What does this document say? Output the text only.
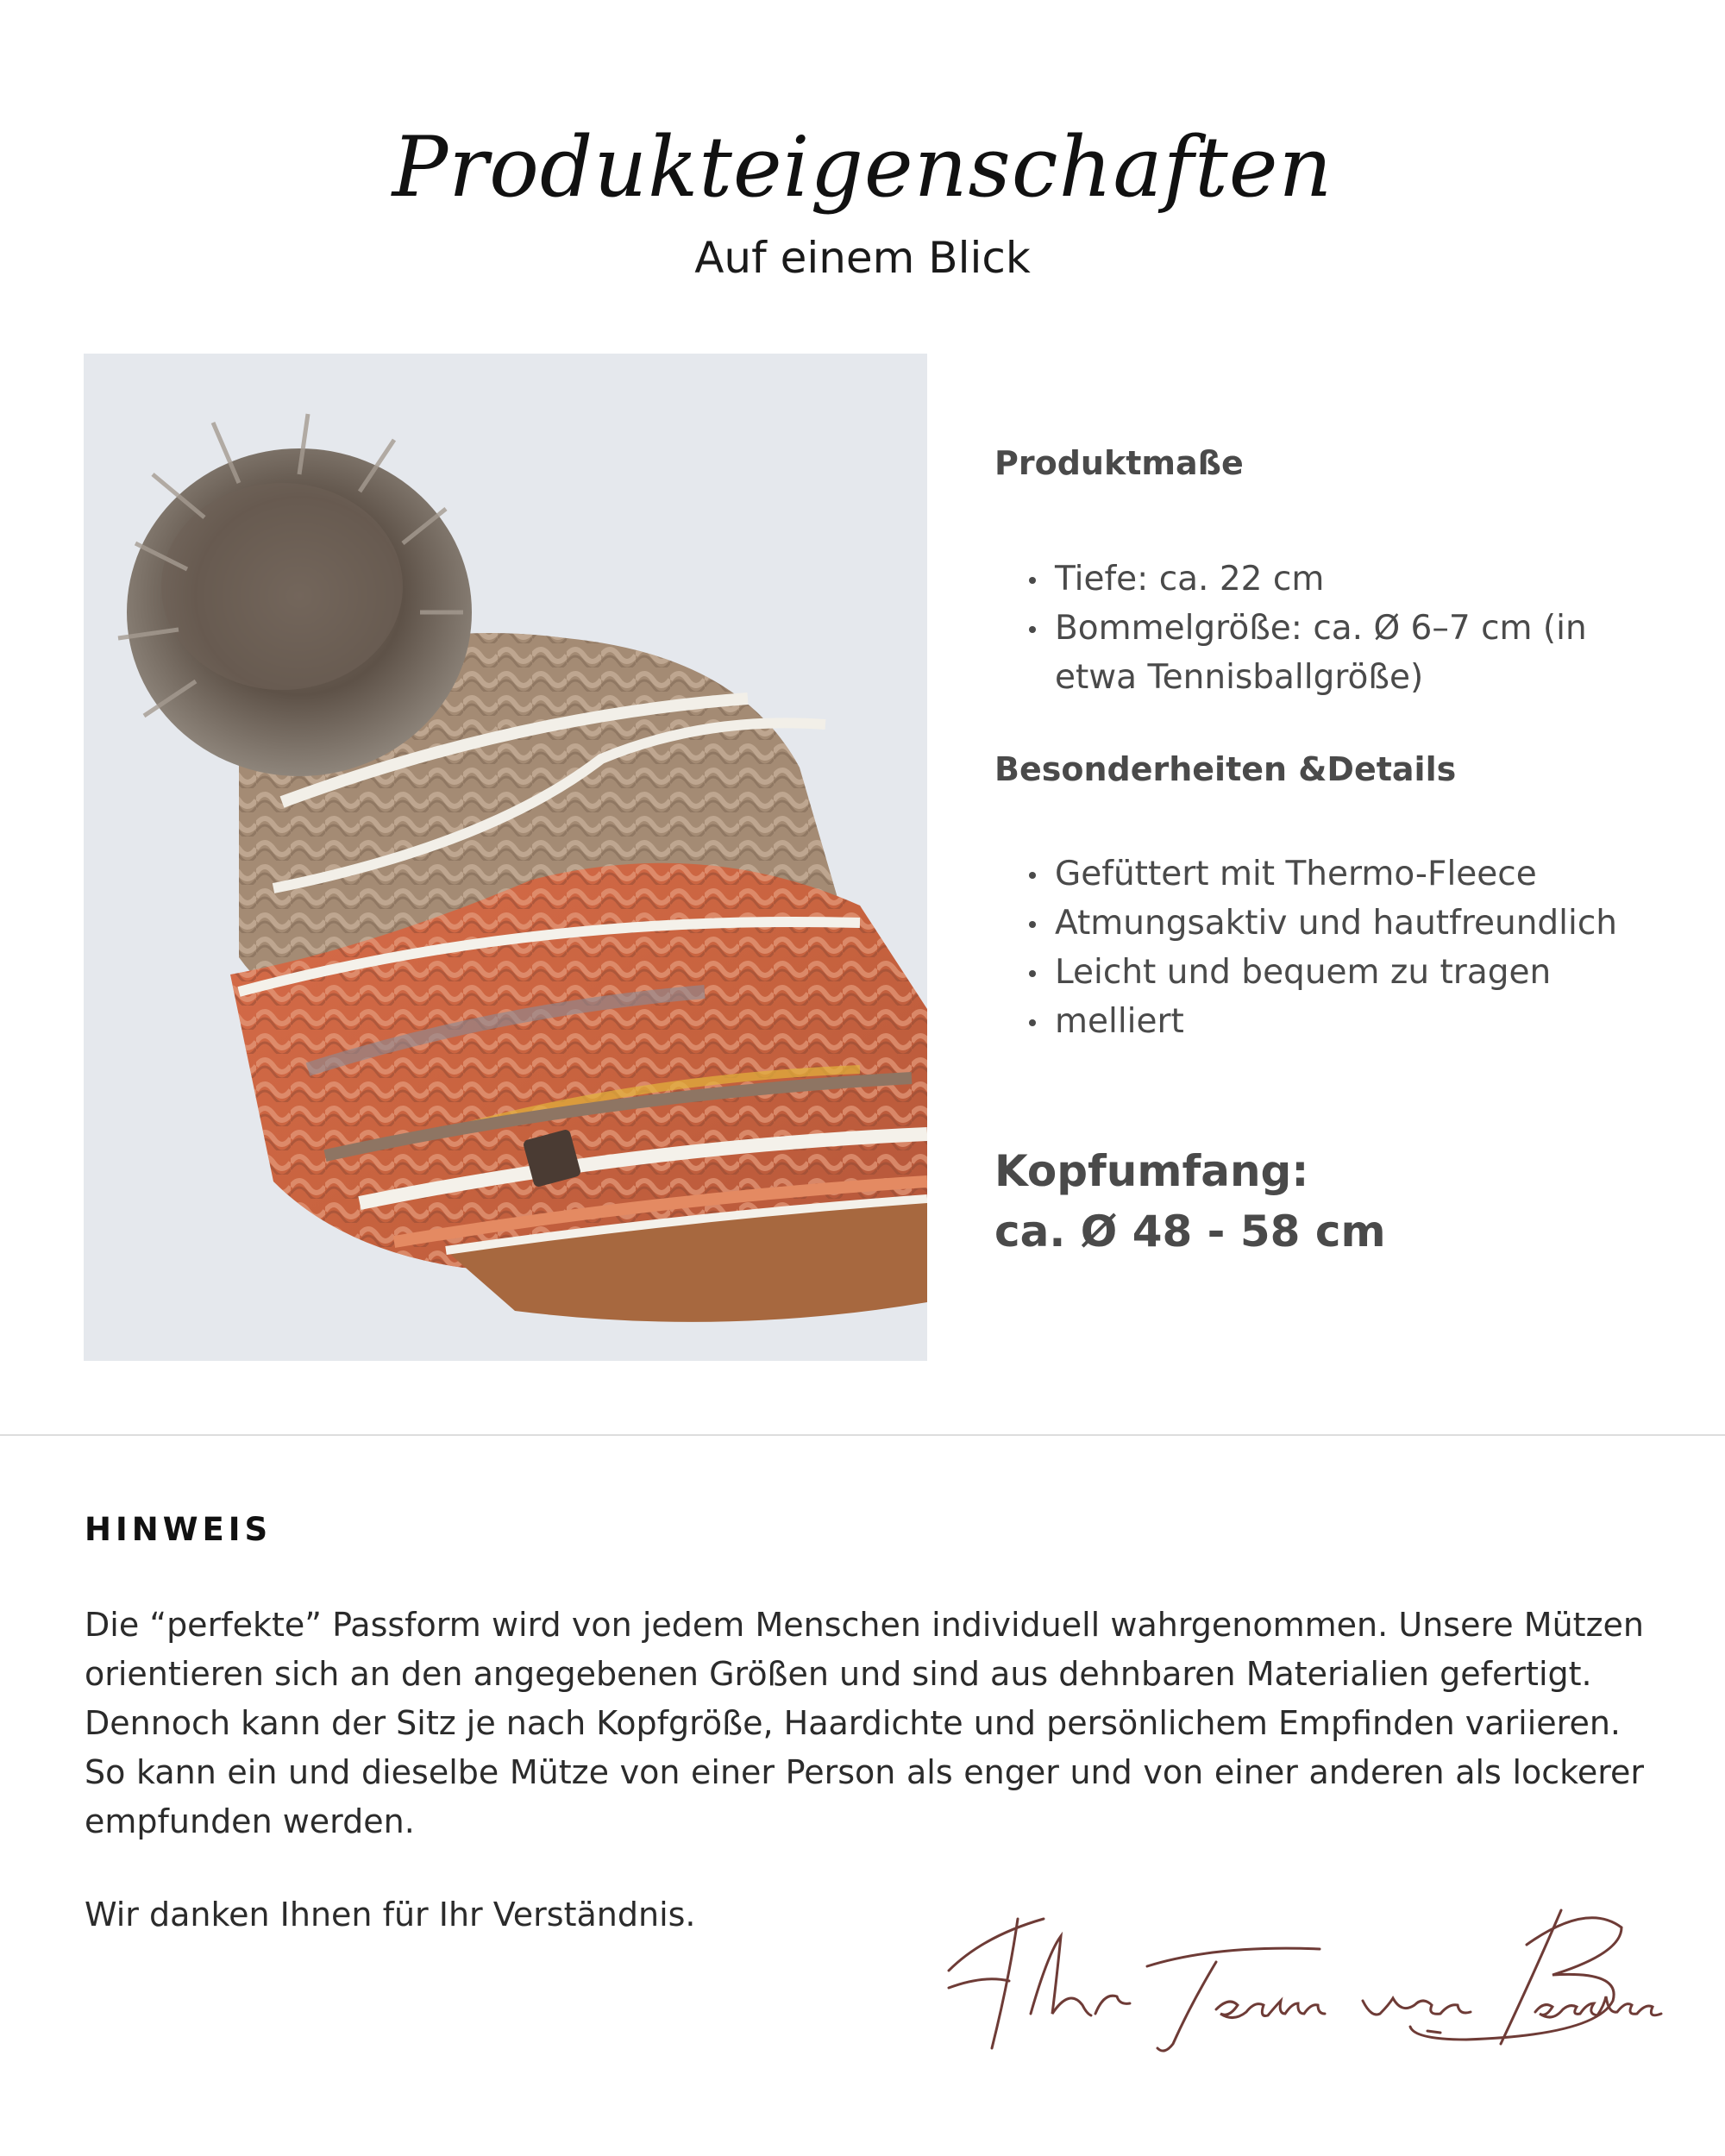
Produkteigenschaften
Auf einem Blick
Produktmaße
Tiefe: ca. 22 cm
Bommelgröße: ca. Ø 6–7 cm (in etwa Tennisballgröße)
Besonderheiten &Details
Gefüttert mit Thermo-Fleece
Atmungsaktiv und hautfreundlich
Leicht und bequem zu tragen
melliert
Kopfumfang:
ca. Ø 48 - 58 cm
HINWEIS

Die “perfekte” Passform wird von jedem Menschen individuell wahrgenommen. Unsere Mützen orientieren sich an den angegebenen Größen und sind aus dehnbaren Materialien gefertigt.

Dennoch kann der Sitz je nach Kopfgröße, Haardichte und persönlichem Empfinden variieren.

So kann ein und dieselbe Mütze von einer Person als enger und von einer anderen als lockerer empfunden werden.

Wir danken Ihnen für Ihr Verständnis.
Ihr Team von Baesics
